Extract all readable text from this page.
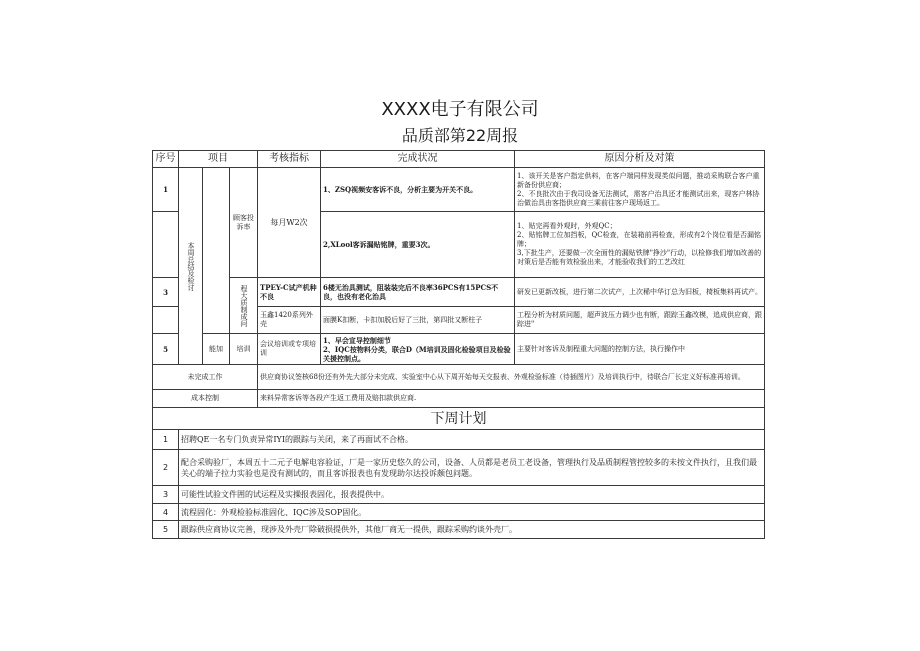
XXXX电子有限公司
品质部第22周报
序号	项目			考核指标	完成状况	原因分析及对策
1	本周总结及检讨		顾客投诉率	每月W2次	1、ZSQ视频安客诉不良，分析主要为开关不良。	1、该开关是客户指定供料，在客户端同样发现类似问题，推动采购联合客户重新备份供应商；
2、不良批次由于我司设备无法测试，需客户治具还才能测试出来，现客户林协治做治具由客指供应商三乘前往客户现场返工。
					2,XLool客诉漏贴铭牌，重要3次。	1、贴完再看外观时，外观QC；
2、贴铭牌工位加挡板，QC检查，在装箱前再检查，形成有2个岗位看是否漏铭牌；
3,下批生产，还要做一次全面性的漏贴铁牌"挣沙"行动，以检修我们增加改善的对策后是否能有效检验出来，才能验收我们的工艺改红
3			程大质制成问	TPEY-C试产机种不良	6楼无治具测试，阻装装完后不良率36PCS有15PCS不良，也没有老化治具	研发已更新改板，进行第二次试产，上次稀中华订总为旧板，椅板集料再试产。
				玉鑫1420系列外壳	面膜K扣断，卡扣加脱后好了三批，第四批又断柱子	工程分析为材质问题，超声波压力调少也有断，跟踪玉鑫改模，追成供应商，跟踪进"
5		能加	培训	会议培训或专项培训	1、早会宣导控制细节
2、IQC按物料分类，联合D（M培训及固化检验项目及检验关援控制点。	主要针对客诉及制程重大问题的控制方法，执行操作中
未完成工作				供应商协议签核68份还有外先大部分未完成、实验室中心从下周开始每天交报表、外观检验标准（待插图片）及培训执行中，待联合厂长定义好标准再培训。		
成本控制				来料异常客诉等各段产生返工费用及赔扣款供应商.		
下周计划						
1	招聘QE一名专门负责异常IYI的跟踪与关闭，来了再面试不合格。					
2	配合采购验厂，本周五十二元子电解电容验证，厂是一家历史悠久的公司，设备、人员都是老员工老设备，管理执行及品质制程管控较多的未按文件执行，且我们最关心的端子拉力实验也是没有测试的，而且客诉报表也有发现助尔达投诉颇包问题。					
3	可能性试验文件囲的试运程及实操报表固化，报表提供中。					
4	流程固化：外观检验标准固化、IQC涉及SOP固化。					
5	跟踪供应商协议完善，现涉及外壳厂除破损提供外，其他厂商无一提供，跟踪采购约谈外壳厂。					
